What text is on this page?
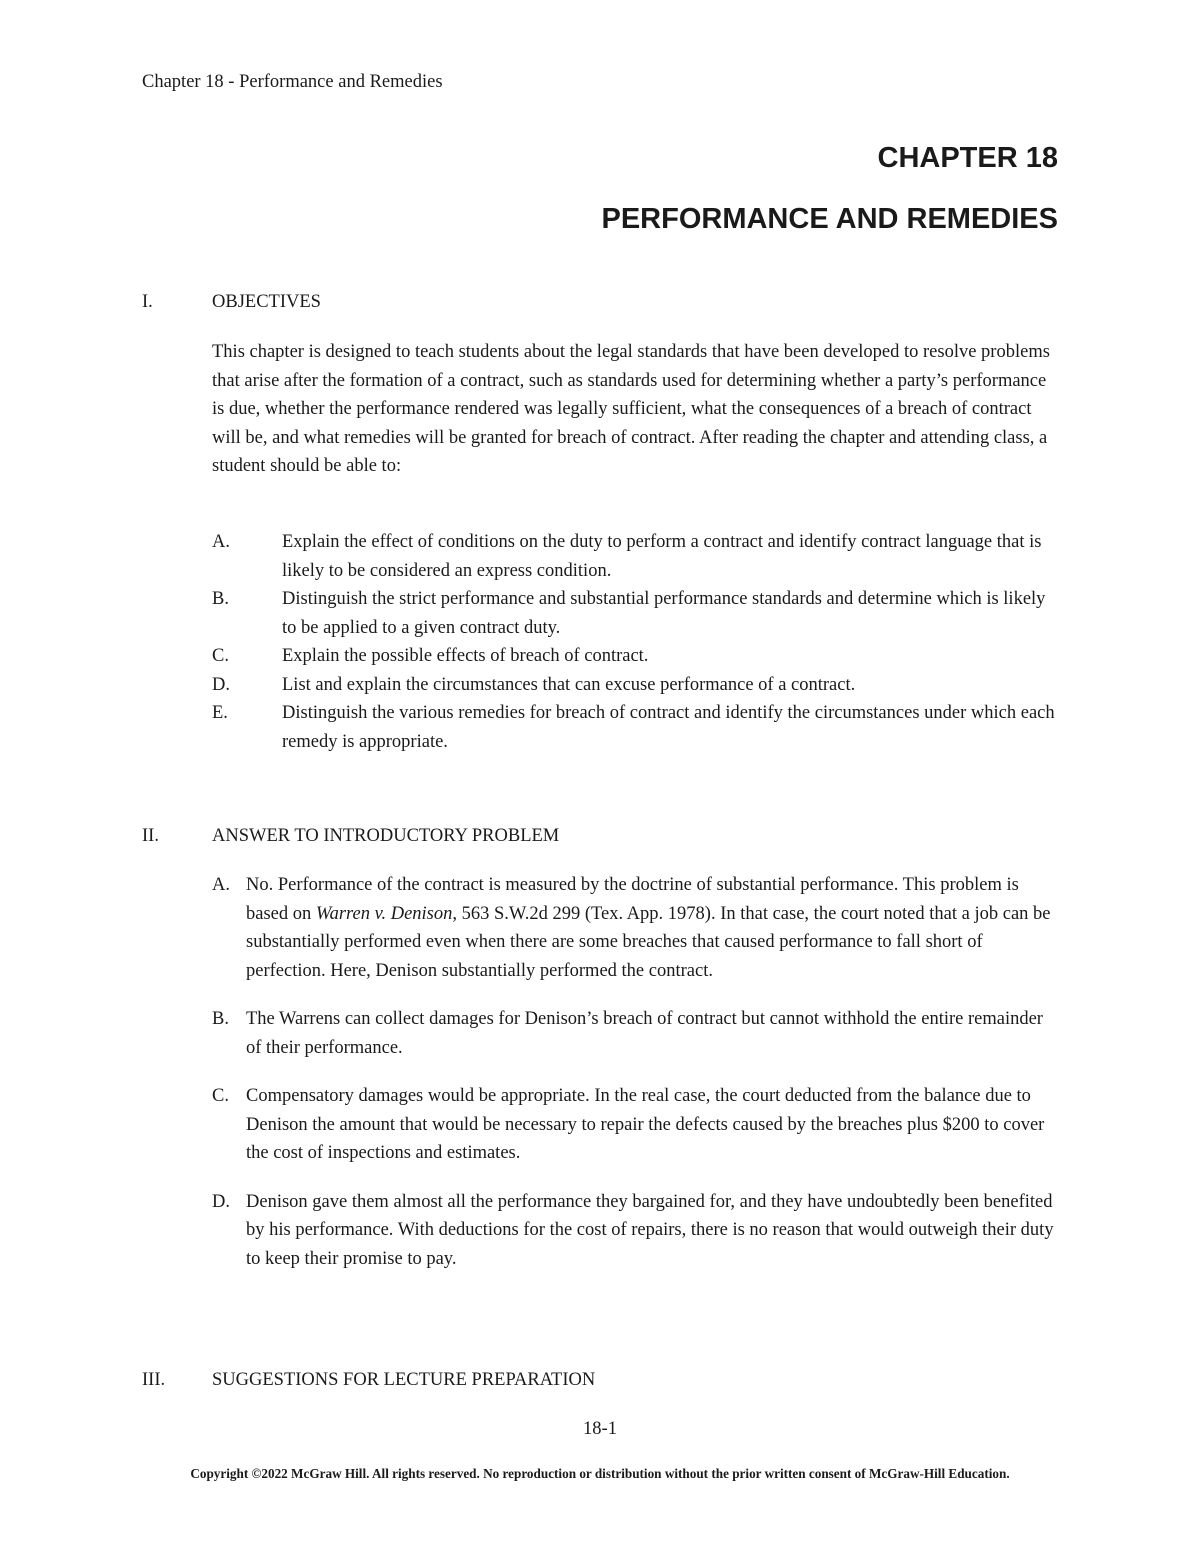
Chapter 18 - Performance and Remedies
CHAPTER 18
PERFORMANCE AND REMEDIES
I.	OBJECTIVES
This chapter is designed to teach students about the legal standards that have been developed to resolve problems that arise after the formation of a contract, such as standards used for determining whether a party’s performance is due, whether the performance rendered was legally sufficient, what the consequences of a breach of contract will be, and what remedies will be granted for breach of contract. After reading the chapter and attending class, a student should be able to:
A.	Explain the effect of conditions on the duty to perform a contract and identify contract language that is likely to be considered an express condition.
B.	Distinguish the strict performance and substantial performance standards and determine which is likely to be applied to a given contract duty.
C.	Explain the possible effects of breach of contract.
D.	List and explain the circumstances that can excuse performance of a contract.
E.	Distinguish the various remedies for breach of contract and identify the circumstances under which each remedy is appropriate.
II.	ANSWER TO INTRODUCTORY PROBLEM
A. No. Performance of the contract is measured by the doctrine of substantial performance. This problem is based on Warren v. Denison, 563 S.W.2d 299 (Tex. App. 1978). In that case, the court noted that a job can be substantially performed even when there are some breaches that caused performance to fall short of perfection. Here, Denison substantially performed the contract.
B. The Warrens can collect damages for Denison’s breach of contract but cannot withhold the entire remainder of their performance.
C. Compensatory damages would be appropriate. In the real case, the court deducted from the balance due to Denison the amount that would be necessary to repair the defects caused by the breaches plus $200 to cover the cost of inspections and estimates.
D. Denison gave them almost all the performance they bargained for, and they have undoubtedly been benefited by his performance. With deductions for the cost of repairs, there is no reason that would outweigh their duty to keep their promise to pay.
III.	SUGGESTIONS FOR LECTURE PREPARATION
18-1
Copyright ©2022 McGraw Hill. All rights reserved. No reproduction or distribution without the prior written consent of McGraw-Hill Education.
